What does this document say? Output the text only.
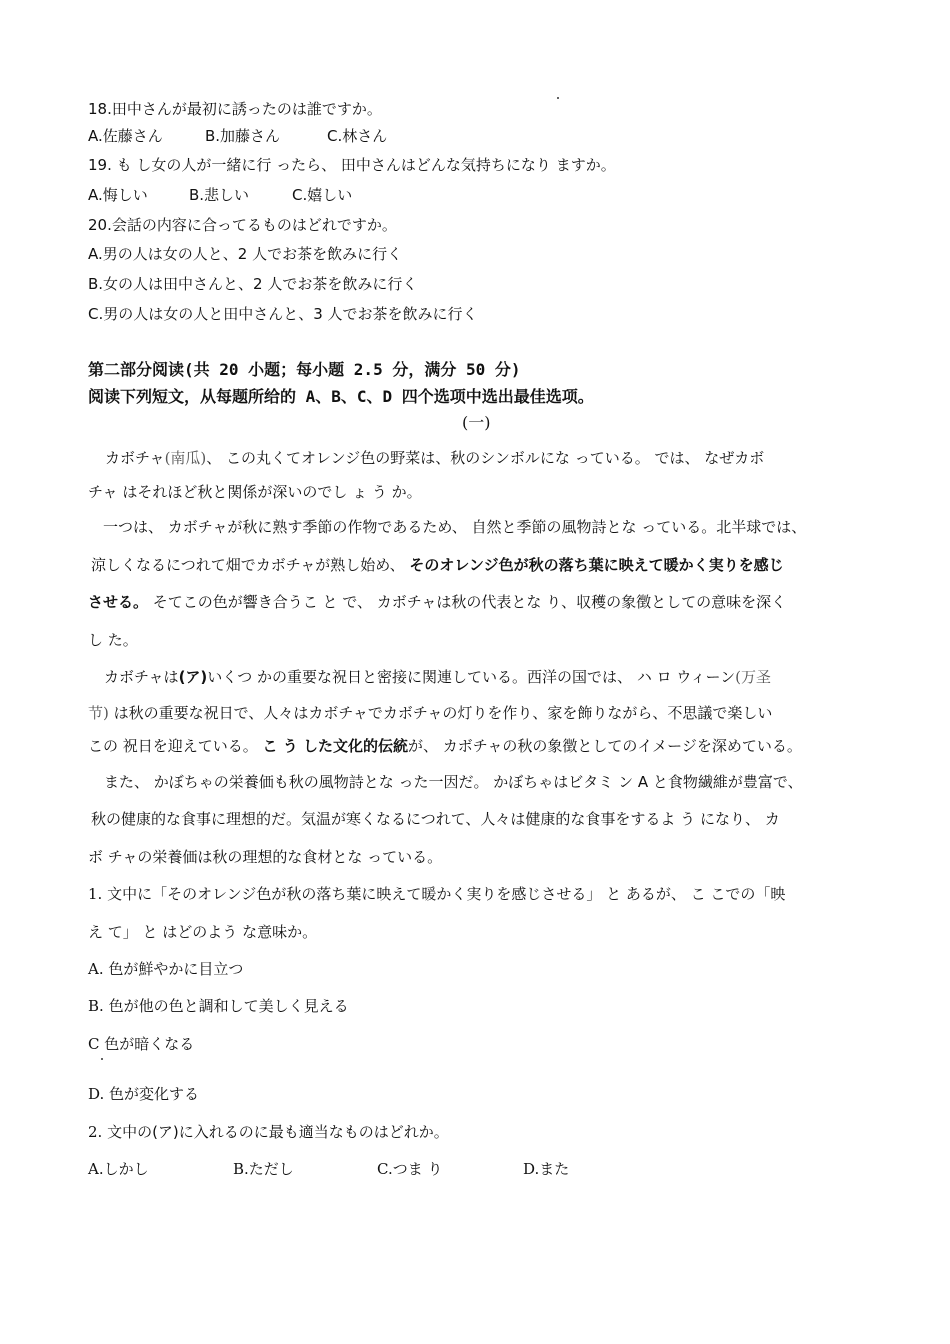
18.田中さんが最初に誘ったのは誰ですか。
A.佐藤さん	B.加藤さん	C.林さん
19. も し女の人が一緒に行 ったら、 田中さんはどんな気持ちになり ますか。
A.悔しい	B.悲しい	C.嬉しい
20.会話の内容に合ってるものはどれですか。
A.男の人は女の人と、2 人でお茶を飲みに行く
B.女の人は田中さんと、2 人でお茶を飲みに行く
C.男の人は女の人と田中さんと、3 人でお茶を飲みに行く
第二部分阅读(共 20 小题；每小题 2.5 分，满分 50 分)
阅读下列短文，从每题所给的 A、B、C、D 四个选项中选出最佳选项。
(一)
カボチャ(南瓜)、 この丸くてオレンジ色の野菜は、秋のシンボルにな っている。 では、 なぜカボ
チャ はそれほど秋と関係が深いのでし ょ う か。
一つは、 カボチャが秋に熟す季節の作物であるため、 自然と季節の風物詩とな っている。北半球では、
涼しくなるにつれて畑でカボチャが熟し始め、 そのオレンジ色が秋の落ち葉に映えて暖かく実りを感じ
させる。 そてこの色が響き合うこ と で、 カボチャは秋の代表とな り、収穫の象徴としての意味を深く
し た。
カボチャは(ア)いくつ かの重要な祝日と密接に関連している。西洋の国では、 ハ ロ ウィーン(万圣
节) は秋の重要な祝日で、人々はカボチャでカボチャの灯りを作り、家を飾りながら、不思議で楽しい
この 祝日を迎えている。 こ う した文化的伝統が、 カボチャの秋の象徴としてのイメージを深めている。
また、 かぼちゃの栄養価も秋の風物詩とな った一因だ。 かぼちゃはビタミ ン A と食物繊維が豊富で、
秋の健康的な食事に理想的だ。気温が寒くなるにつれて、人々は健康的な食事をするよ う になり、 カ
ボ チャの栄養価は秋の理想的な食材とな っている。
1. 文中に「そのオレンジ色が秋の落ち葉に映えて暖かく実りを感じさせる」 と あるが、 こ こでの「映
え て」 と はどのよう な意味か。
A. 色が鮮やかに目立つ
B. 色が他の色と調和して美しく見える
C 色が暗くなる
D. 色が変化する
2. 文中の(ア)に入れるのに最も適当なものはどれか。
A.しかし	B.ただし	C.つま り	D.また
